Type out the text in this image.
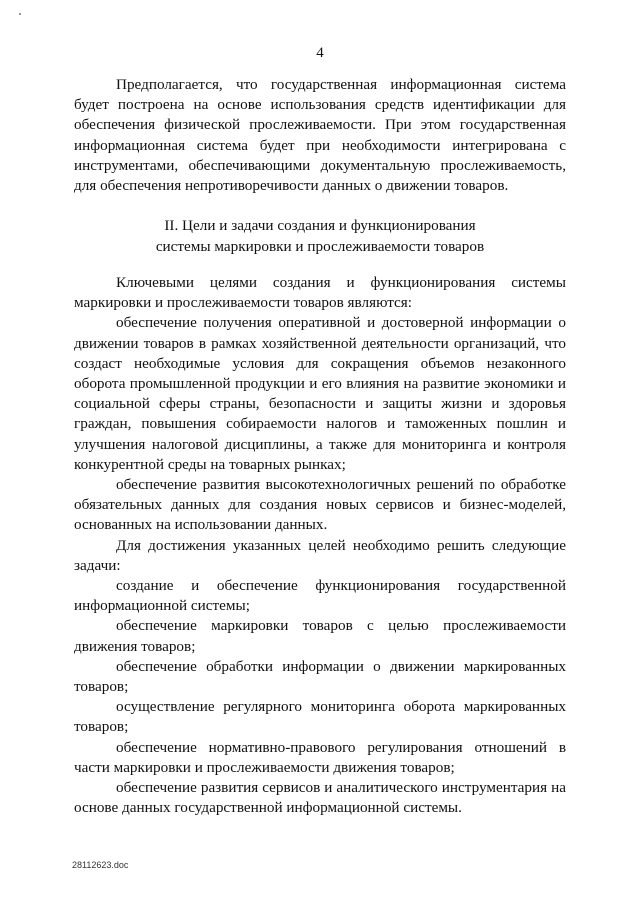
4

Предполагается, что государственная информационная система будет построена на основе использования средств идентификации для обеспечения физической прослеживаемости. При этом государственная информационная система будет при необходимости интегрирована с инструментами, обеспечивающими документальную прослеживаемость, для обеспечения непротиворечивости данных о движении товаров.

II. Цели и задачи создания и функционирования
системы маркировки и прослеживаемости товаров

Ключевыми целями создания и функционирования системы маркировки и прослеживаемости товаров являются:

обеспечение получения оперативной и достоверной информации о движении товаров в рамках хозяйственной деятельности организаций, что создаст необходимые условия для сокращения объемов незаконного оборота промышленной продукции и его влияния на развитие экономики и социальной сферы страны, безопасности и защиты жизни и здоровья граждан, повышения собираемости налогов и таможенных пошлин и улучшения налоговой дисциплины, а также для мониторинга и контроля конкурентной среды на товарных рынках;

обеспечение развития высокотехнологичных решений по обработке обязательных данных для создания новых сервисов и бизнес-моделей, основанных на использовании данных.

Для достижения указанных целей необходимо решить следующие задачи:

создание и обеспечение функционирования государственной информационной системы;

обеспечение маркировки товаров с целью прослеживаемости движения товаров;

обеспечение обработки информации о движении маркированных товаров;

осуществление регулярного мониторинга оборота маркированных товаров;

обеспечение нормативно-правового регулирования отношений в части маркировки и прослеживаемости движения товаров;

обеспечение развития сервисов и аналитического инструментария на основе данных государственной информационной системы.

28112623.doc
